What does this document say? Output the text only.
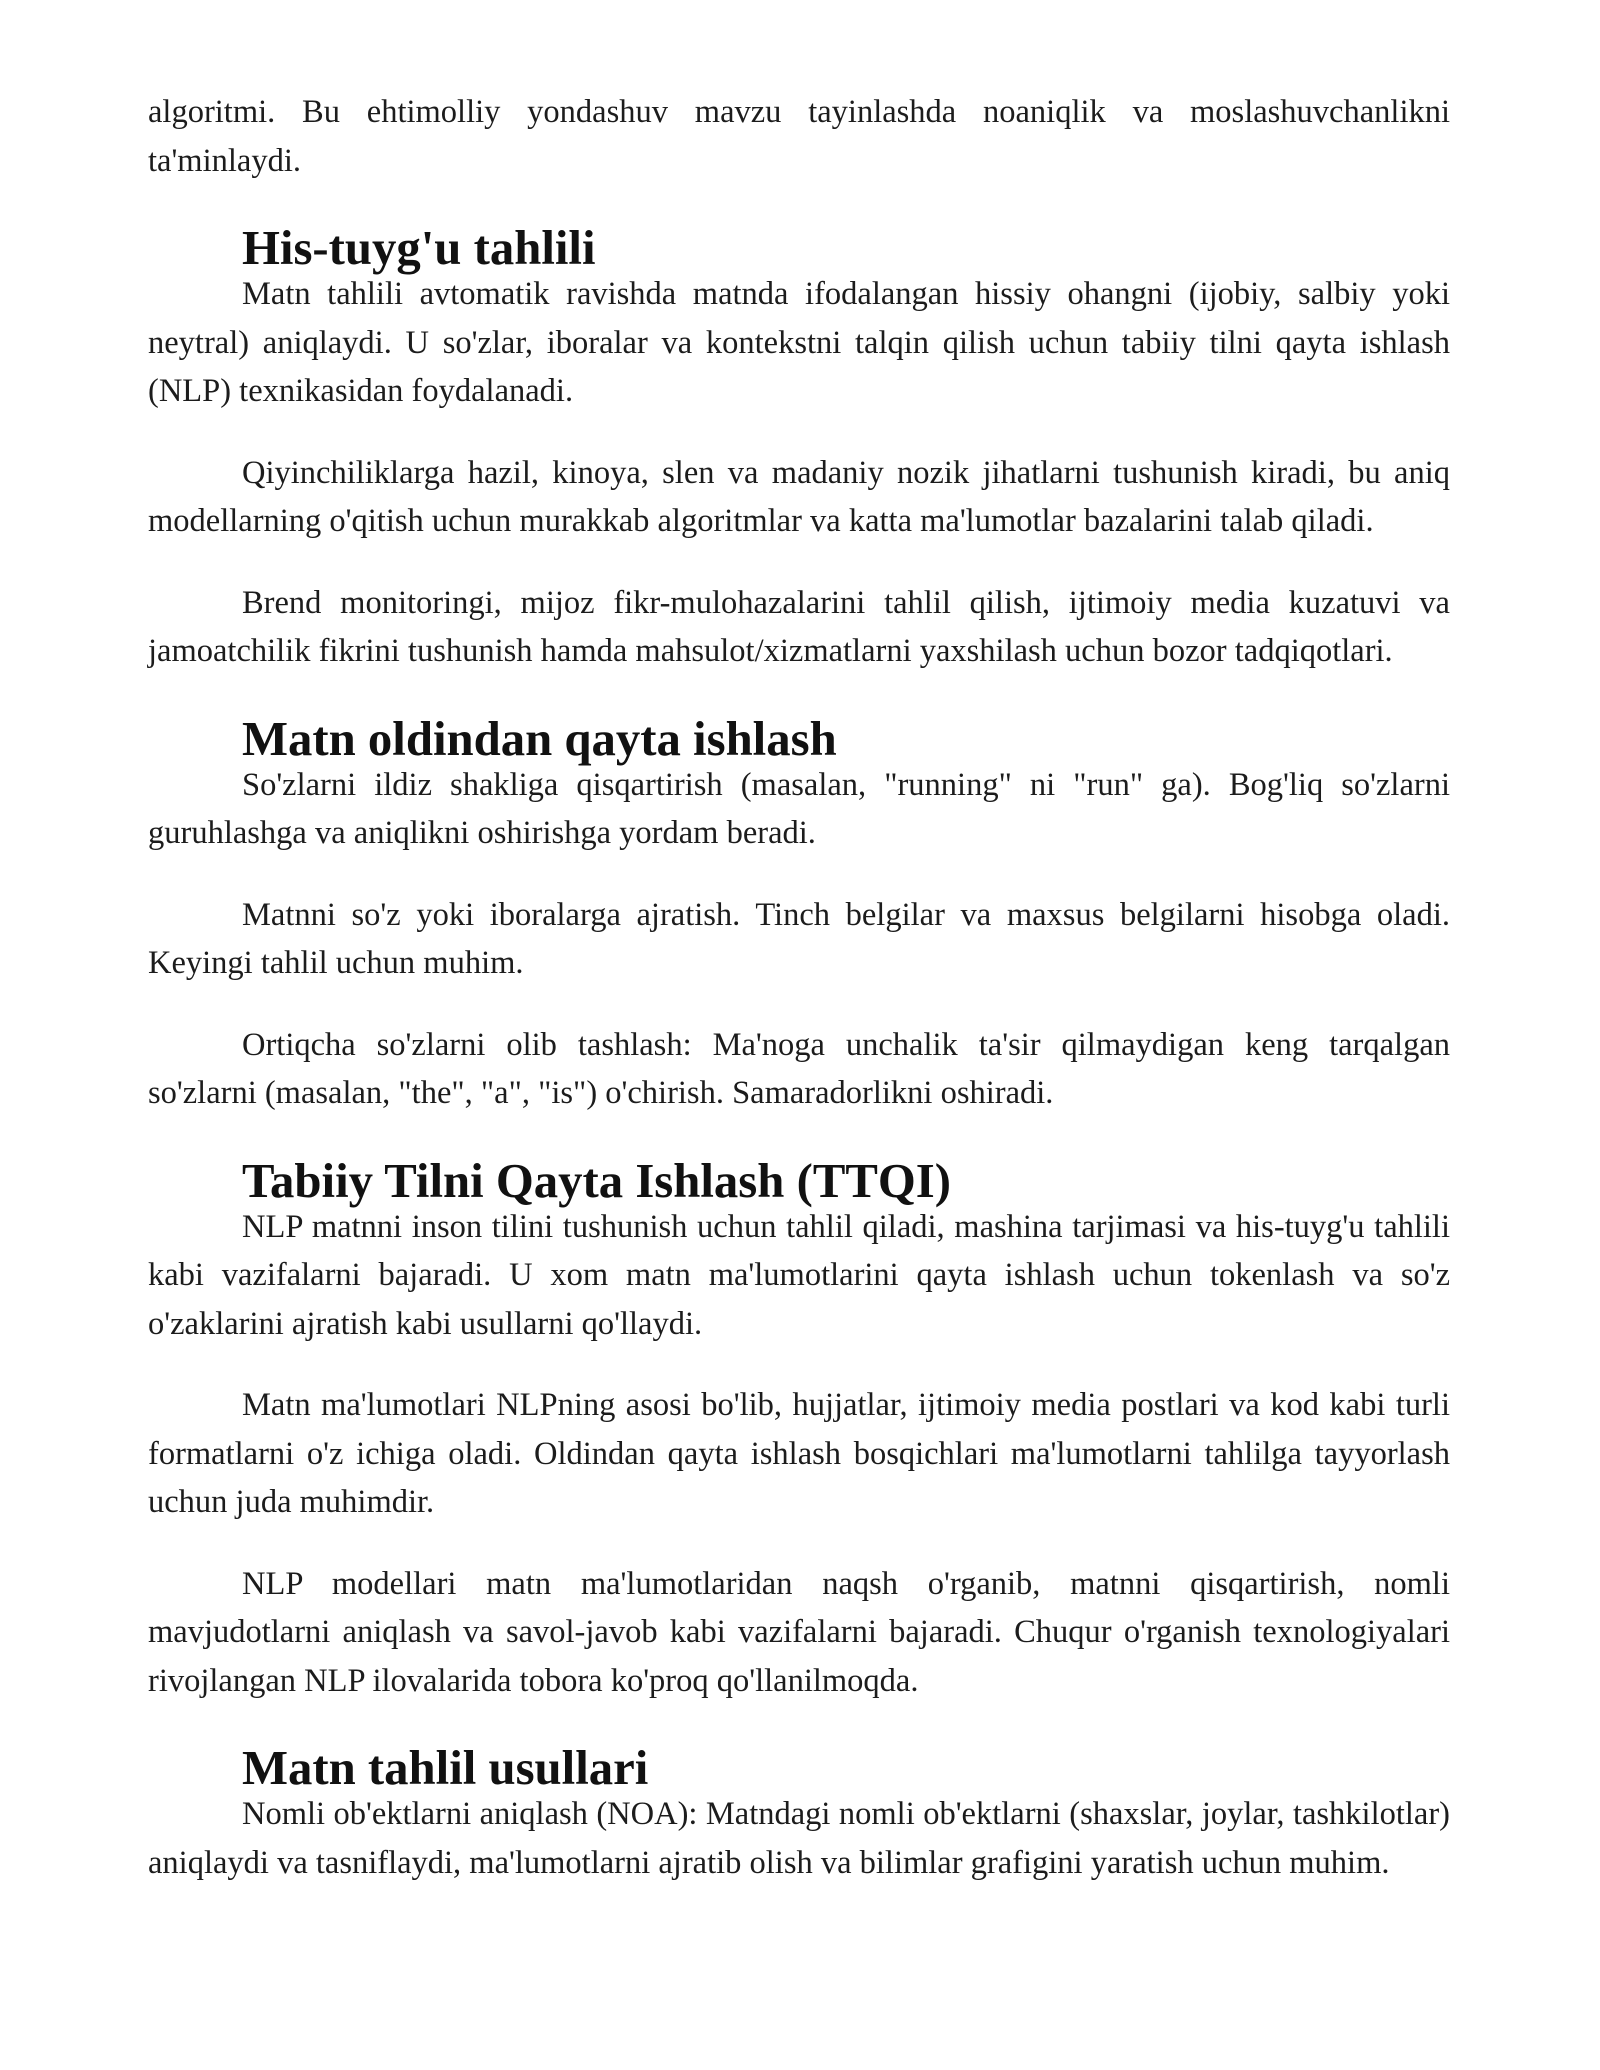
algoritmi. Bu ehtimolliy yondashuv mavzu tayinlashda noaniqlik va moslashuvchanlikni ta'minlaydi.

His-tuyg'u tahlili

Matn tahlili avtomatik ravishda matnda ifodalangan hissiy ohangni (ijobiy, salbiy yoki neytral) aniqlaydi. U so'zlar, iboralar va kontekstni talqin qilish uchun tabiiy tilni qayta ishlash (NLP) texnikasidan foydalanadi.

Qiyinchiliklarga hazil, kinoya, slen va madaniy nozik jihatlarni tushunish kiradi, bu aniq modellarning o'qitish uchun murakkab algoritmlar va katta ma'lumotlar bazalarini talab qiladi.

Brend monitoringi, mijoz fikr-mulohazalarini tahlil qilish, ijtimoiy media kuzatuvi va jamoatchilik fikrini tushunish hamda mahsulot/xizmatlarni yaxshilash uchun bozor tadqiqotlari.

Matn oldindan qayta ishlash

So'zlarni ildiz shakliga qisqartirish (masalan, "running" ni "run" ga). Bog'liq so'zlarni guruhlashga va aniqlikni oshirishga yordam beradi.

Matnni so'z yoki iboralarga ajratish. Tinch belgilar va maxsus belgilarni hisobga oladi. Keyingi tahlil uchun muhim.

Ortiqcha so'zlarni olib tashlash: Ma'noga unchalik ta'sir qilmaydigan keng tarqalgan so'zlarni (masalan, "the", "a", "is") o'chirish. Samaradorlikni oshiradi.

Tabiiy Tilni Qayta Ishlash (TTQI)

NLP matnni inson tilini tushunish uchun tahlil qiladi, mashina tarjimasi va his-tuyg'u tahlili kabi vazifalarni bajaradi. U xom matn ma'lumotlarini qayta ishlash uchun tokenlash va so'z o'zaklarini ajratish kabi usullarni qo'llaydi.

Matn ma'lumotlari NLPning asosi bo'lib, hujjatlar, ijtimoiy media postlari va kod kabi turli formatlarni o'z ichiga oladi. Oldindan qayta ishlash bosqichlari ma'lumotlarni tahlilga tayyorlash uchun juda muhimdir.

NLP modellari matn ma'lumotlaridan naqsh o'rganib, matnni qisqartirish, nomli mavjudotlarni aniqlash va savol-javob kabi vazifalarni bajaradi. Chuqur o'rganish texnologiyalari rivojlangan NLP ilovalarida tobora ko'proq qo'llanilmoqda.

Matn tahlil usullari

Nomli ob'ektlarni aniqlash (NOA): Matndagi nomli ob'ektlarni (shaxslar, joylar, tashkilotlar) aniqlaydi va tasniflaydi, ma'lumotlarni ajratib olish va bilimlar grafigini yaratish uchun muhim.
